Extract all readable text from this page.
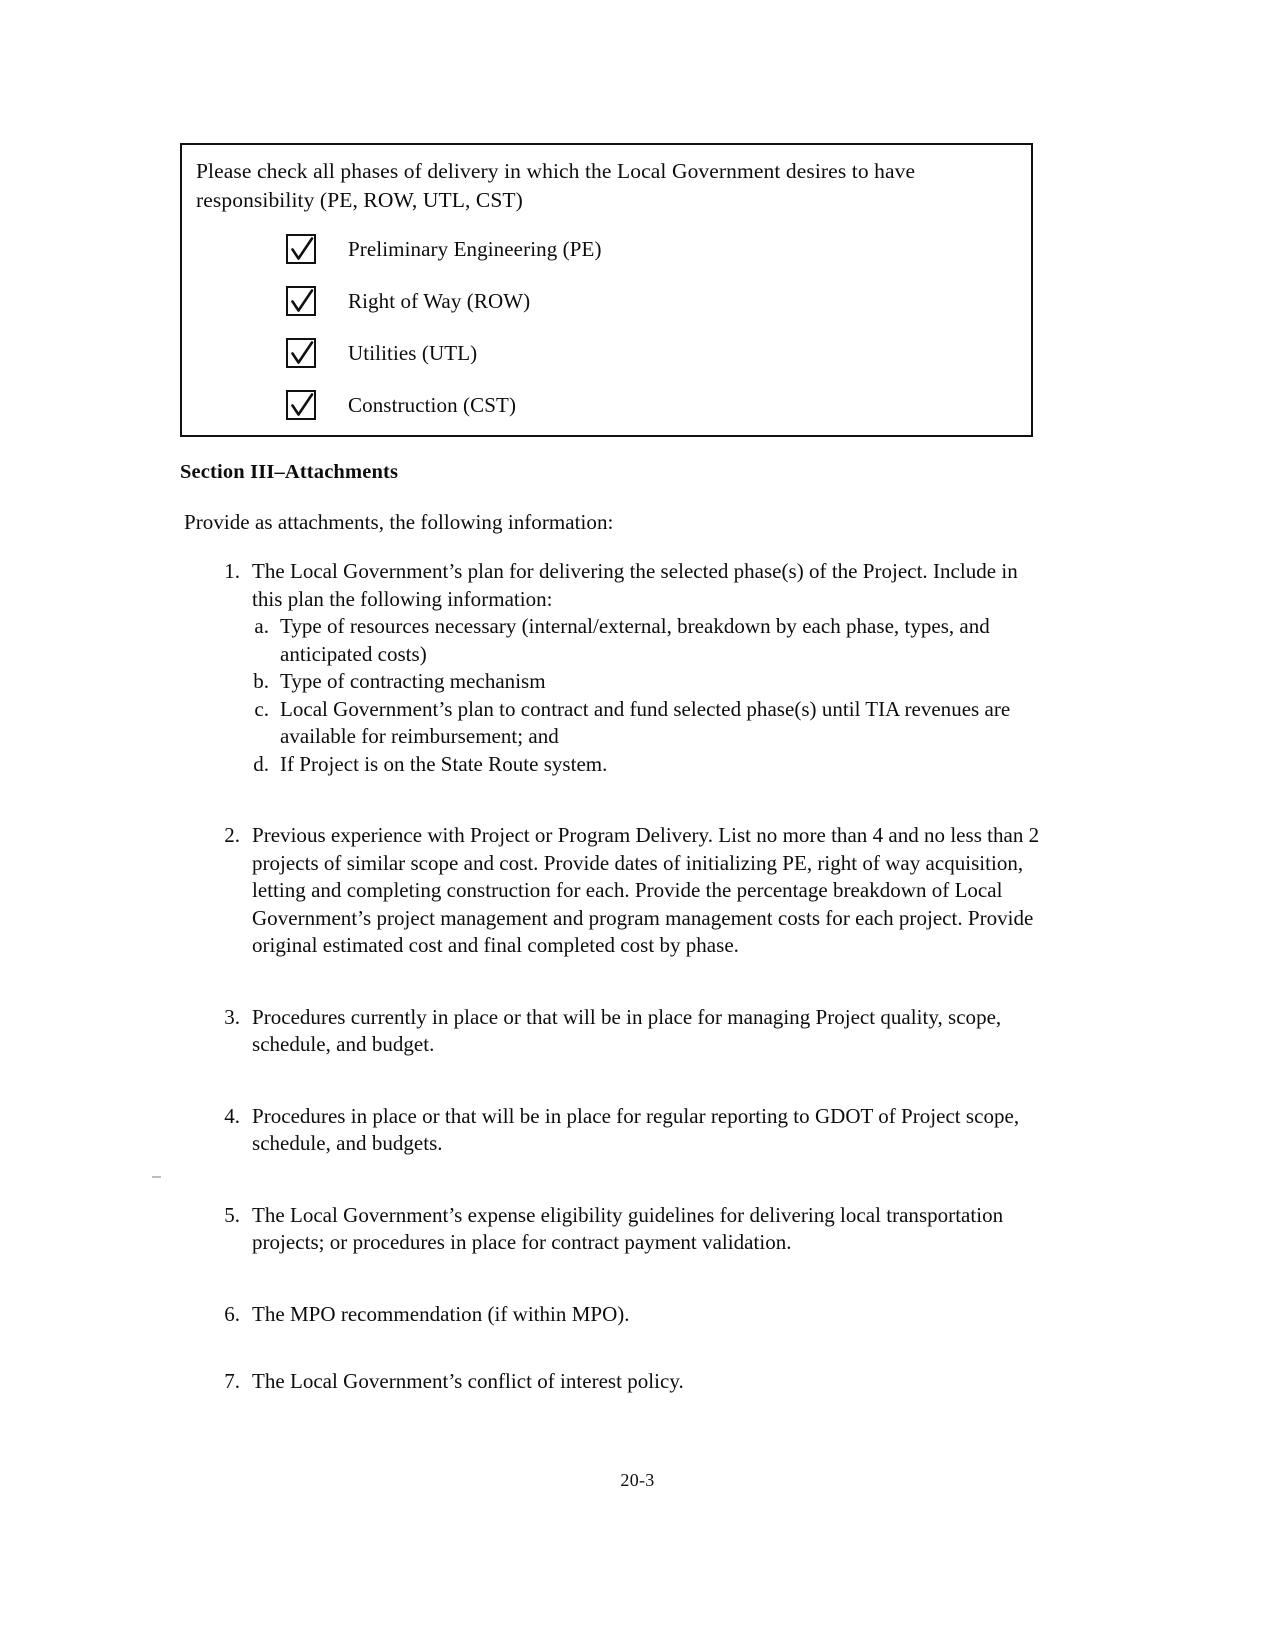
Please check all phases of delivery in which the Local Government desires to have responsibility (PE, ROW, UTL, CST)
Preliminary Engineering (PE)
Right of Way (ROW)
Utilities (UTL)
Construction (CST)
Section III–Attachments
Provide as attachments, the following information:
1. The Local Government’s plan for delivering the selected phase(s) of the Project. Include in this plan the following information:
a. Type of resources necessary (internal/external, breakdown by each phase, types, and anticipated costs)
b. Type of contracting mechanism
c. Local Government’s plan to contract and fund selected phase(s) until TIA revenues are available for reimbursement; and
d. If Project is on the State Route system.
2. Previous experience with Project or Program Delivery. List no more than 4 and no less than 2 projects of similar scope and cost. Provide dates of initializing PE, right of way acquisition, letting and completing construction for each. Provide the percentage breakdown of Local Government’s project management and program management costs for each project. Provide original estimated cost and final completed cost by phase.
3. Procedures currently in place or that will be in place for managing Project quality, scope, schedule, and budget.
4. Procedures in place or that will be in place for regular reporting to GDOT of Project scope, schedule, and budgets.
5. The Local Government’s expense eligibility guidelines for delivering local transportation projects; or procedures in place for contract payment validation.
6. The MPO recommendation (if within MPO).
7. The Local Government’s conflict of interest policy.
20-3
